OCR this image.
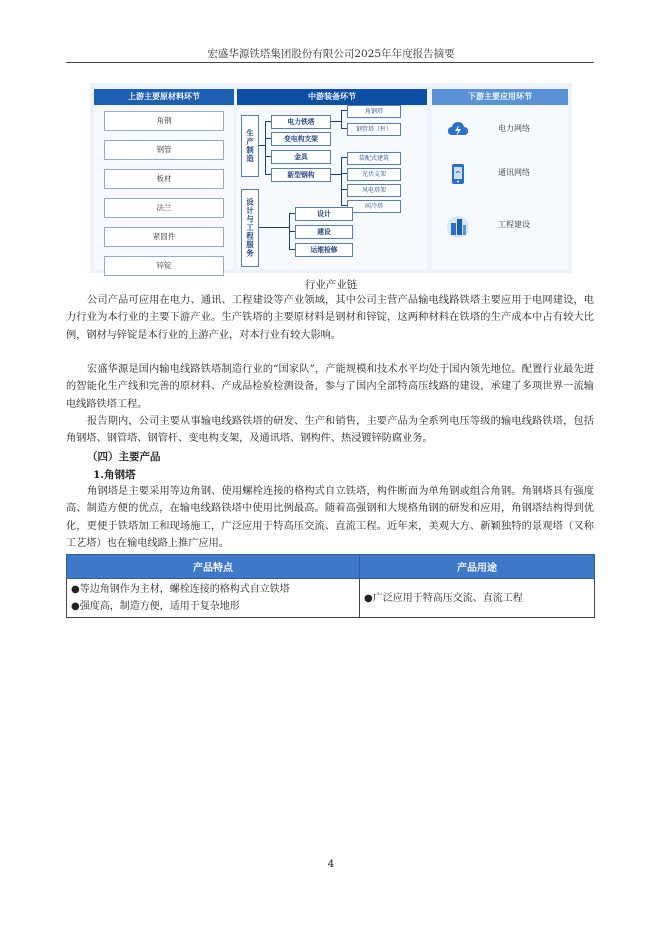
宏盛华源铁塔集团股份有限公司2025年年度报告摘要
上游主要原材料环节	中游装备环节	下游主要应用环节
角钢
钢管
板材
法兰
紧固件
锌锭
生产制造
电力铁塔
变电构支架
金具
新型钢构
角钢塔
钢管塔（杆）
装配式建筑
光伏支架
风电塔架
间冷塔
设计与工程服务	设计
建设
运维检修
电力网络
通讯网络
工程建设
行业产业链

公司产品可应用在电力、通讯、工程建设等产业领域，其中公司主营产品输电线路铁塔主要应用于电网建设，电力行业为本行业的主要下游产业。生产铁塔的主要原材料是钢材和锌锭，这两种材料在铁塔的生产成本中占有较大比例，钢材与锌锭是本行业的上游产业，对本行业有较大影响。

宏盛华源是国内输电线路铁塔制造行业的“国家队”，产能规模和技术水平均处于国内领先地位。配置行业最先进的智能化生产线和完善的原材料、产成品检验检测设备，参与了国内全部特高压线路的建设，承建了多项世界一流输电线路铁塔工程。

报告期内，公司主要从事输电线路铁塔的研发、生产和销售，主要产品为全系列电压等级的输电线路铁塔，包括角钢塔、钢管塔、钢管杆、变电构支架，及通讯塔、钢构件、热浸镀锌防腐业务。

（四）主要产品
1.角钢塔

角钢塔是主要采用等边角钢、使用螺栓连接的格构式自立铁塔，构件断面为单角钢或组合角钢。角钢塔具有强度高、制造方便的优点，在输电线路铁塔中使用比例最高。随着高强钢和大规格角钢的研发和应用，角钢塔结构得到优化，更便于铁塔加工和现场施工，广泛应用于特高压交流、直流工程。近年来，美观大方、新颖独特的景观塔（又称工艺塔）也在输电线路上推广应用。

产品特点	产品用途

●等边角钢作为主材，螺栓连接的格构式自立铁塔
●强度高，制造方便，适用于复杂地形	●广泛应用于特高压交流、直流工程
4
